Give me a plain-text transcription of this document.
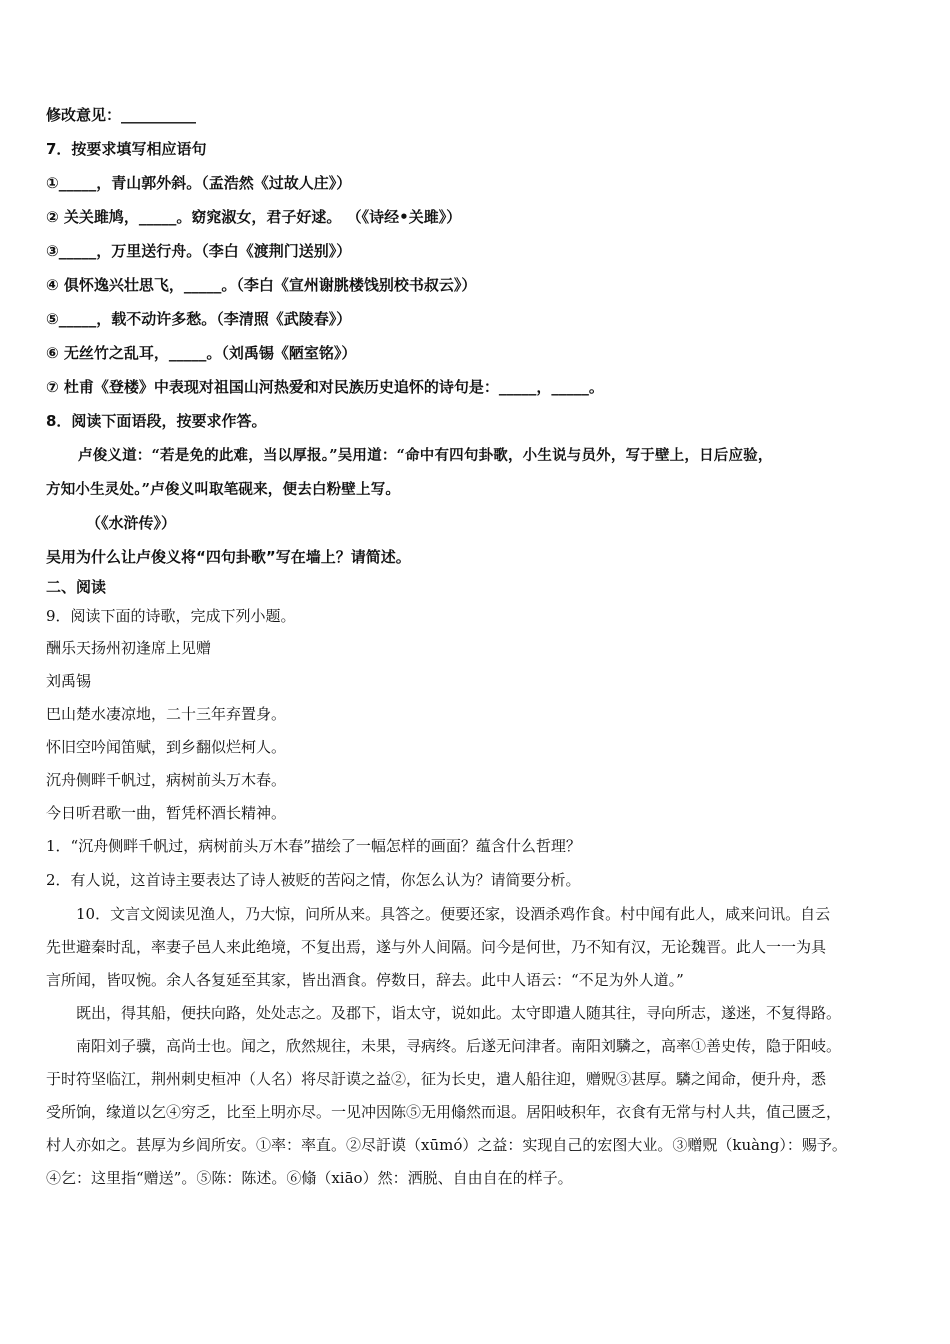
修改意见：__________
7．按要求填写相应语句
①_____，青山郭外斜。（孟浩然《过故人庄》）
② 关关雎鸠，_____。窈窕淑女，君子好逑。 （《诗经•关雎》）
③_____，万里送行舟。（李白《渡荆门送别》）
④ 俱怀逸兴壮思飞，_____。（李白《宣州谢朓楼饯别校书叔云》）
⑤_____，载不动许多愁。（李清照《武陵春》）
⑥ 无丝竹之乱耳，_____。（刘禹锡《陋室铭》）
⑦ 杜甫《登楼》中表现对祖国山河热爱和对民族历史追怀的诗句是：_____，_____。
8．阅读下面语段，按要求作答。
卢俊义道：“若是免的此难，当以厚报。”吴用道：“命中有四句卦歌，小生说与员外，写于壁上，日后应验，
方知小生灵处。”卢俊义叫取笔砚来，便去白粉壁上写。
（《水浒传》）
吴用为什么让卢俊义将“四句卦歌”写在墙上？请简述。
二、阅读
9．阅读下面的诗歌，完成下列小题。
酬乐天扬州初逢席上见赠
刘禹锡
巴山楚水凄凉地，二十三年弃置身。
怀旧空吟闻笛赋，到乡翻似烂柯人。
沉舟侧畔千帆过，病树前头万木春。
今日听君歌一曲，暂凭杯酒长精神。
1．“沉舟侧畔千帆过，病树前头万木春”描绘了一幅怎样的画面？蕴含什么哲理？
2．有人说，这首诗主要表达了诗人被贬的苦闷之情，你怎么认为？请简要分析。
10．文言文阅读见渔人，乃大惊，问所从来。具答之。便要还家，设酒杀鸡作食。村中闻有此人，咸来问讯。自云
先世避秦时乱，率妻子邑人来此绝境，不复出焉，遂与外人间隔。问今是何世，乃不知有汉，无论魏晋。此人一一为具
言所闻，皆叹惋。余人各复延至其家，皆出酒食。停数日，辞去。此中人语云：“不足为外人道。”
既出，得其船，便扶向路，处处志之。及郡下，诣太守，说如此。太守即遣人随其往，寻向所志，遂迷，不复得路。
南阳刘子骥，高尚士也。闻之，欣然规往，未果，寻病终。后遂无问津者。南阳刘驎之，高率①善史传，隐于阳岐。
于时符坚临江，荆州刺史桓冲（人名）将尽訏谟之益②，征为长史，遣人船往迎，赠贶③甚厚。驎之闻命，便升舟，悉
受所饷，缘道以乞④穷乏，比至上明亦尽。一见冲因陈⑤无用翛然而退。居阳岐积年，衣食有无常与村人共，值己匮乏，
村人亦如之。甚厚为乡闾所安。①率：率直。②尽訏谟（xūmó）之益：实现自己的宏图大业。③赠贶（kuàng）：赐予。
④乞：这里指“赠送”。⑤陈：陈述。⑥翛（xiāo）然：洒脱、自由自在的样子。
